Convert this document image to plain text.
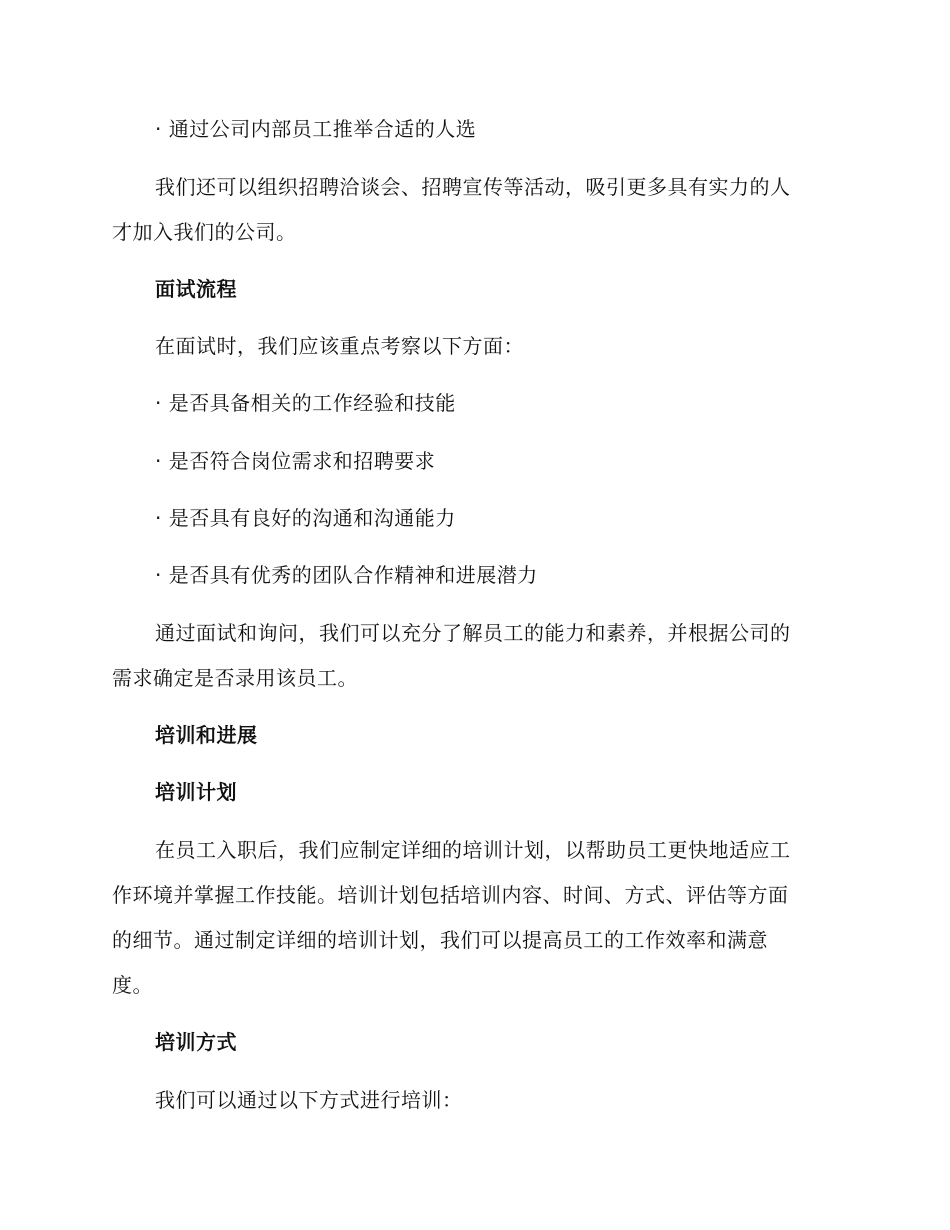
· 通过公司内部员工推举合适的人选
我们还可以组织招聘洽谈会、招聘宣传等活动，吸引更多具有实力的人
才加入我们的公司。
面试流程
在面试时，我们应该重点考察以下方面：
· 是否具备相关的工作经验和技能
· 是否符合岗位需求和招聘要求
· 是否具有良好的沟通和沟通能力
· 是否具有优秀的团队合作精神和进展潜力
通过面试和询问，我们可以充分了解员工的能力和素养，并根据公司的
需求确定是否录用该员工。
培训和进展
培训计划
在员工入职后，我们应制定详细的培训计划，以帮助员工更快地适应工
作环境并掌握工作技能。培训计划包括培训内容、时间、方式、评估等方面
的细节。通过制定详细的培训计划，我们可以提高员工的工作效率和满意
度。
培训方式
我们可以通过以下方式进行培训：
